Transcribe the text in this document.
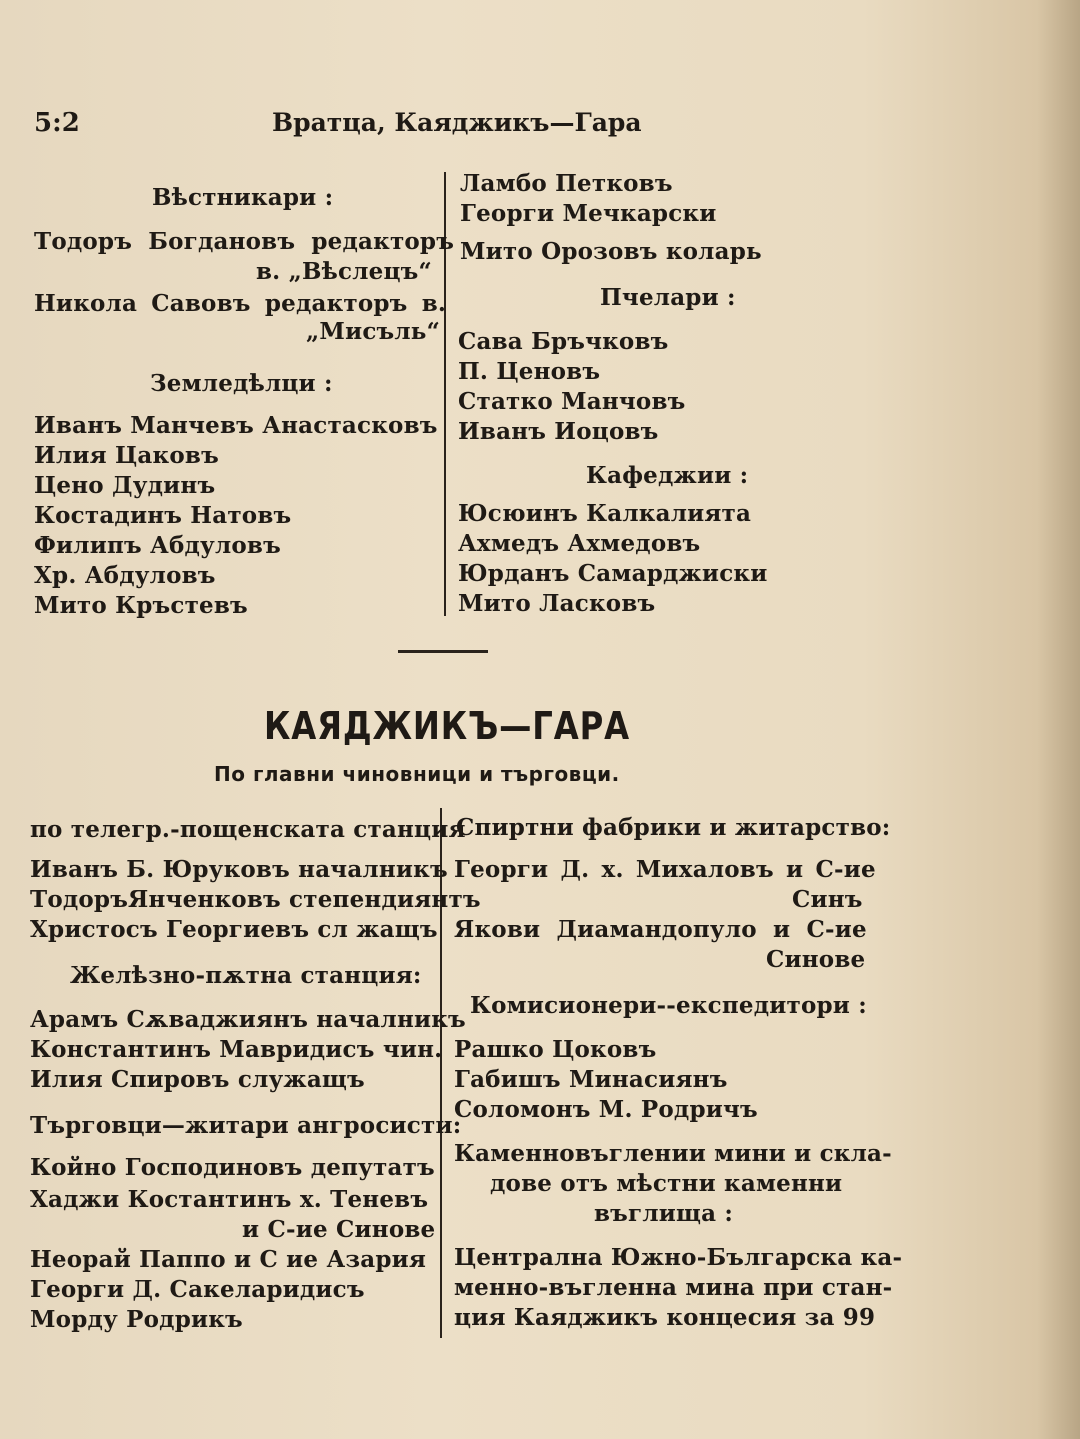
5:2	Вратца, Каяджикъ—Гара
Вѣстникари :
Тодоръ Богдановъ редакторъ
в. „Вѣслецъ“
Никола Савовъ редакторъ в.
„Мисъль“
Земледѣлци :
Иванъ Манчевъ Анастасковъ
Илия Цаковъ
Цено Дудинъ
Костадинъ Натовъ
Филипъ Абдуловъ
Хр. Абдуловъ
Мито Кръстевъ
Ламбо Петковъ
Георги Мечкарски
Мито Орозовъ коларь
Пчелари :
Сава Бръчковъ
П. Ценовъ
Статко Манчовъ
Иванъ Иоцовъ
Кафеджии :
Юсюинъ Калкалията
Ахмедъ Ахмедовъ
Юрданъ Самарджиски
Мито Ласковъ
КАЯДЖИКЪ—ГАРА
По главни чиновници и търговци.
по телегр.-пощенската станция
Иванъ Б. Юруковъ началникъ
ТодоръЯнченковъ степендиянтъ
Христосъ Георгиевъ сл жащъ
Желѣзно-пѫтна станция:
Арамъ Сѫваджиянъ началникъ
Константинъ Мавридисъ чин.
Илия Спировъ служащъ
Търговци—житари ангросисти:
Койно Господиновъ депутатъ
Хаджи Костантинъ х. Теневъ
и С-ие Синове
Неорай Паппо и С ие Азария
Георги Д. Сакеларидисъ
Морду Родрикъ
Спиртни фабрики и житарство:
Георги Д. х. Михаловъ и С-ие
Синъ
Якови Диамандопуло и С-ие
Синове
Комисионери--експедитори :
Рашко Цоковъ
Габишъ Минасиянъ
Соломонъ М. Родричъ
Каменновъглении мини и скла-
дове отъ мѣстни каменни
въглища :
Централна Южно-Българска ка-
менно-въгленна мина при стан-
ция Каяджикъ концесия за 99
